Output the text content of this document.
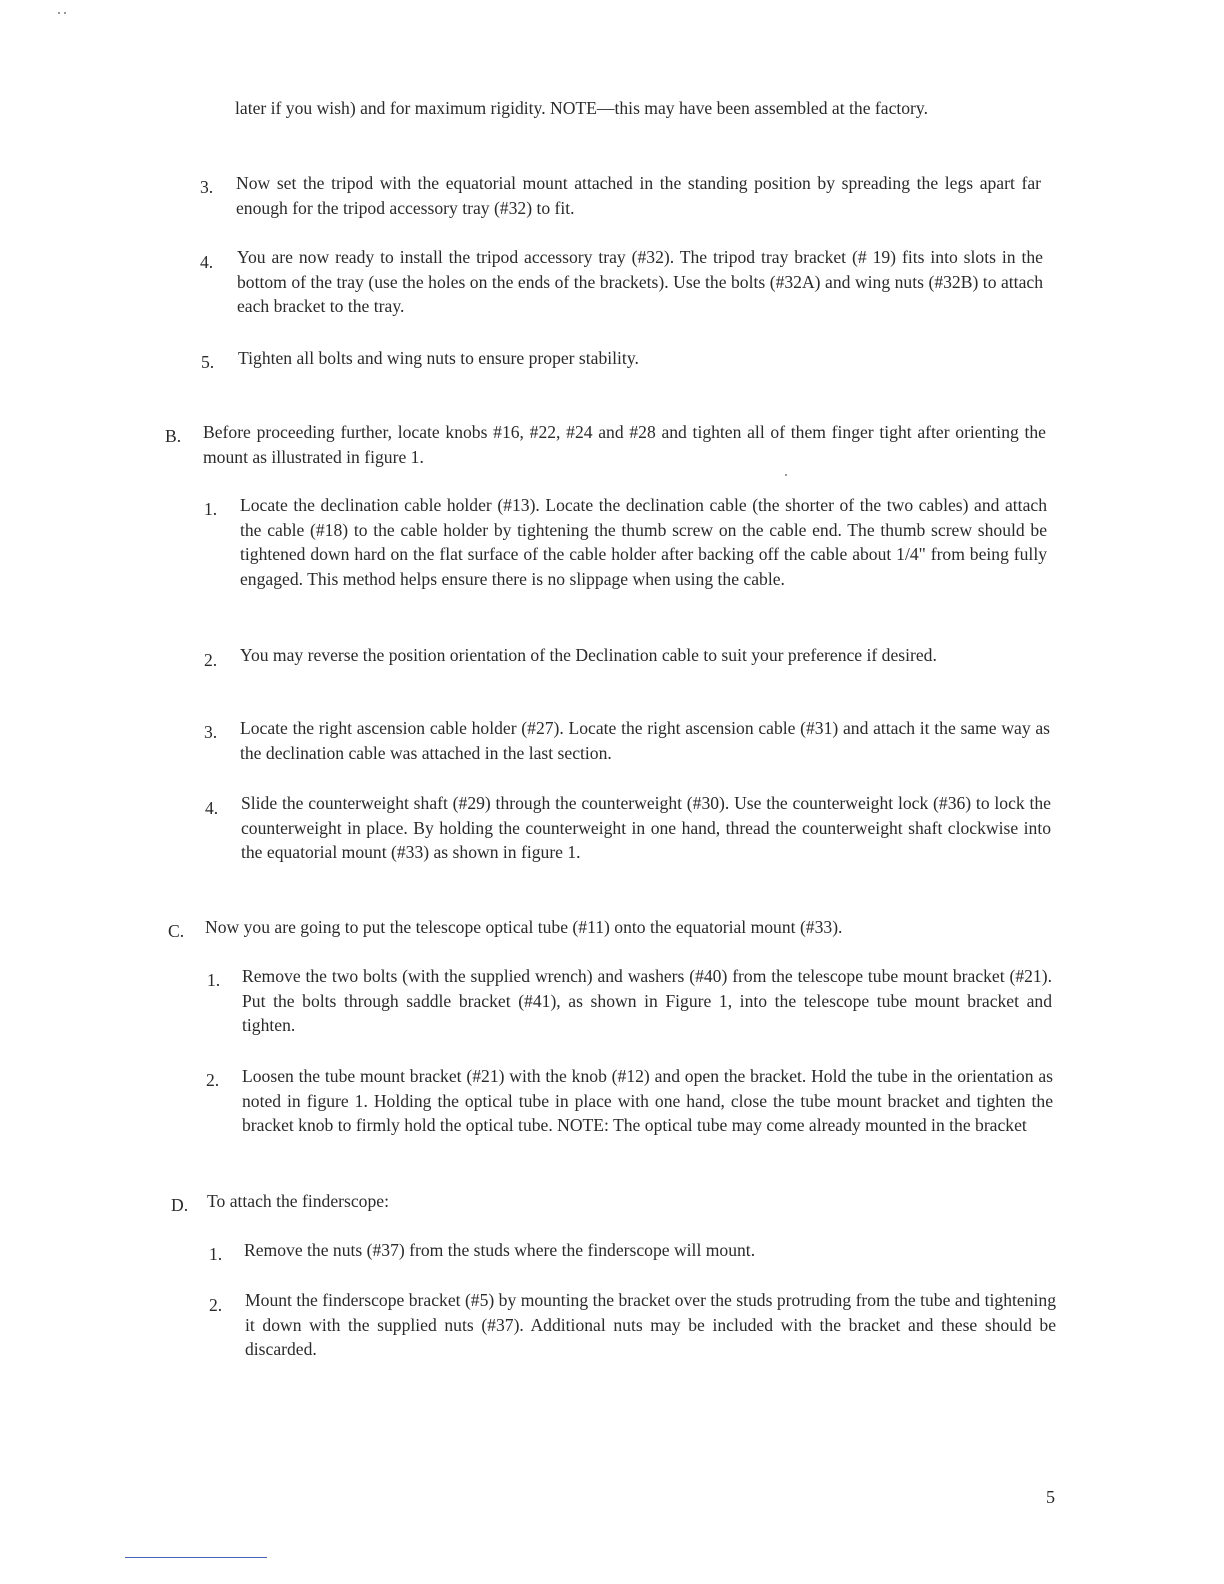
later if you wish) and for maximum rigidity. NOTE—this may have been assembled at the factory.

3. Now set the tripod with the equatorial mount attached in the standing position by spreading the legs apart far enough for the tripod accessory tray (#32) to fit.

4. You are now ready to install the tripod accessory tray (#32). The tripod tray bracket (# 19) fits into slots in the bottom of the tray (use the holes on the ends of the brackets). Use the bolts (#32A) and wing nuts (#32B) to attach each bracket to the tray.

5. Tighten all bolts and wing nuts to ensure proper stability.

B. Before proceeding further, locate knobs #16, #22, #24 and #28 and tighten all of them finger tight after orienting the mount as illustrated in figure 1.

1. Locate the declination cable holder (#13). Locate the declination cable (the shorter of the two cables) and attach the cable (#18) to the cable holder by tightening the thumb screw on the cable end. The thumb screw should be tightened down hard on the flat surface of the cable holder after backing off the cable about 1/4" from being fully engaged. This method helps ensure there is no slippage when using the cable.

2. You may reverse the position orientation of the Declination cable to suit your preference if desired.

3. Locate the right ascension cable holder (#27). Locate the right ascension cable (#31) and attach it the same way as the declination cable was attached in the last section.

4. Slide the counterweight shaft (#29) through the counterweight (#30). Use the counterweight lock (#36) to lock the counterweight in place. By holding the counterweight in one hand, thread the counterweight shaft clockwise into the equatorial mount (#33) as shown in figure 1.

C. Now you are going to put the telescope optical tube (#11) onto the equatorial mount (#33).

1. Remove the two bolts (with the supplied wrench) and washers (#40) from the telescope tube mount bracket (#21). Put the bolts through saddle bracket (#41), as shown in Figure 1, into the telescope tube mount bracket and tighten.

2. Loosen the tube mount bracket (#21) with the knob (#12) and open the bracket. Hold the tube in the orientation as noted in figure 1. Holding the optical tube in place with one hand, close the tube mount bracket and tighten the bracket knob to firmly hold the optical tube. NOTE: The optical tube may come already mounted in the bracket

D. To attach the finderscope:

1. Remove the nuts (#37) from the studs where the finderscope will mount.

2. Mount the finderscope bracket (#5) by mounting the bracket over the studs protruding from the tube and tightening it down with the supplied nuts (#37). Additional nuts may be included with the bracket and these should be discarded.

5
